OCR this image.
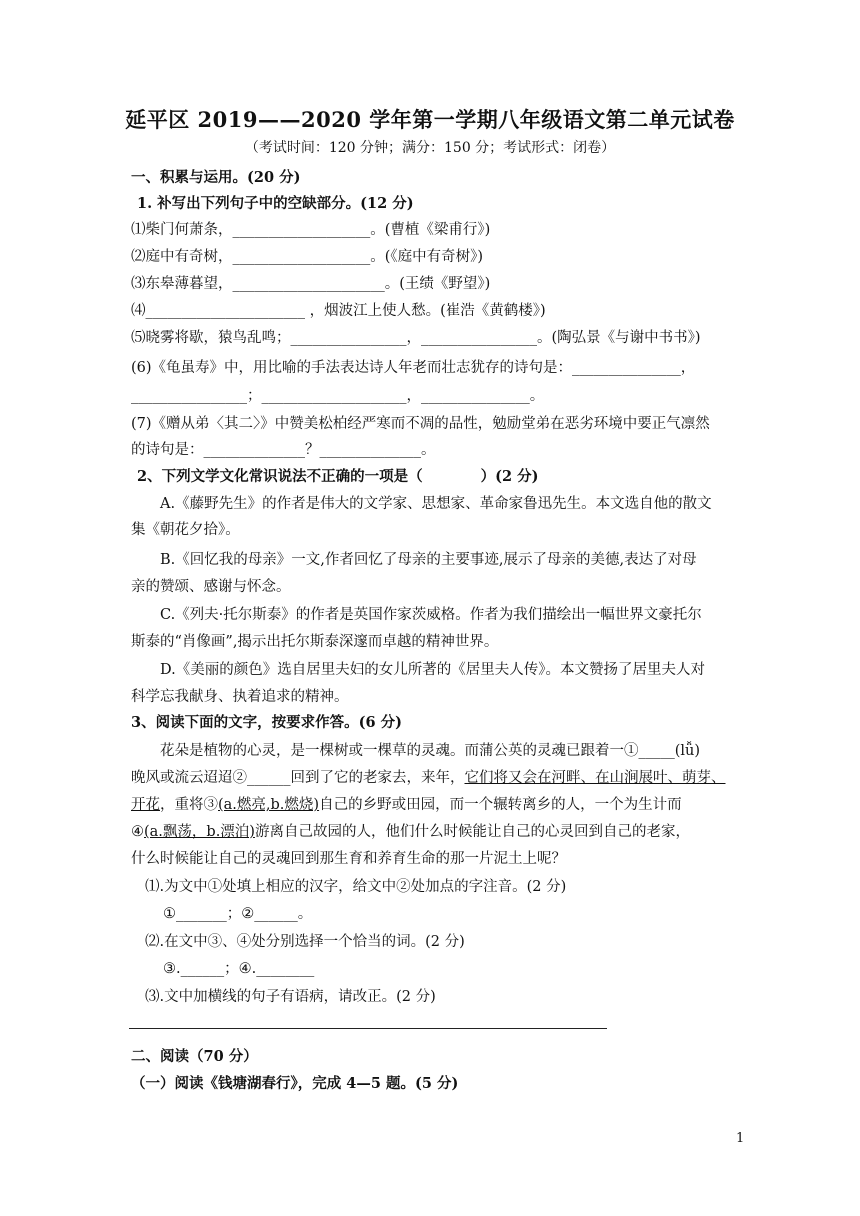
延平区 2019——2020 学年第一学期八年级语文第二单元试卷
（考试时间：120 分钟；满分：150 分；考试形式：闭卷）
一、积累与运用。(20 分)
1. 补写出下列句子中的空缺部分。(12 分)
⑴柴门何萧条，___________________。(曹植《梁甫行》)
⑵庭中有奇树，___________________。(《庭中有奇树》)
⑶东皋薄暮望，_____________________。(王绩《野望》)
⑷______________________ ，烟波江上使人愁。(崔浩《黄鹤楼》)
⑸晓雾将歇，猿鸟乱鸣；________________，________________。(陶弘景《与谢中书书》)
(6)《龟虽寿》中，用比喻的手法表达诗人年老而壮志犹存的诗句是：_______________，
________________；____________________，_______________。
(7)《赠从弟〈其二〉》中赞美松柏经严寒而不凋的品性，勉励堂弟在恶劣环境中要正气凛然
的诗句是：______________？______________。
2、下列文学文化常识说法不正确的一项是（　　　　）(2 分)
A.《藤野先生》的作者是伟大的文学家、思想家、革命家鲁迅先生。本文选自他的散文
集《朝花夕拾》。
B.《回忆我的母亲》一文,作者回忆了母亲的主要事迹,展示了母亲的美德,表达了对母
亲的赞颂、感谢与怀念。
C.《列夫·托尔斯泰》的作者是英国作家茨威格。作者为我们描绘出一幅世界文豪托尔
斯泰的“肖像画”,揭示出托尔斯泰深邃而卓越的精神世界。
D.《美丽的颜色》选自居里夫妇的女儿所著的《居里夫人传》。本文赞扬了居里夫人对
科学忘我献身、执着追求的精神。
3、阅读下面的文字，按要求作答。(6 分)
花朵是植物的心灵，是一棵树或一棵草的灵魂。而蒲公英的灵魂已跟着一①_____(lǚ)
晚风或流云迢迢②______回到了它的老家去，来年，它们将又会在河畔、在山涧展叶、萌芽、
开花，重将③(a.燃亮,b.燃烧)自己的乡野或田园，而一个辗转离乡的人，一个为生计而
④(a.飘荡，b.漂泊)游离自己故园的人，他们什么时候能让自己的心灵回到自己的老家，
什么时候能让自己的灵魂回到那生育和养育生命的那一片泥土上呢？
⑴.为文中①处填上相应的汉字，给文中②处加点的字注音。(2 分)
①_______；②______。
⑵.在文中③、④处分别选择一个恰当的词。(2 分)
③.______；④.________
⑶.文中加横线的句子有语病，请改正。(2 分)
二、阅读（70 分）
（一）阅读《钱塘湖春行》，完成 4—5 题。(5 分)
1
